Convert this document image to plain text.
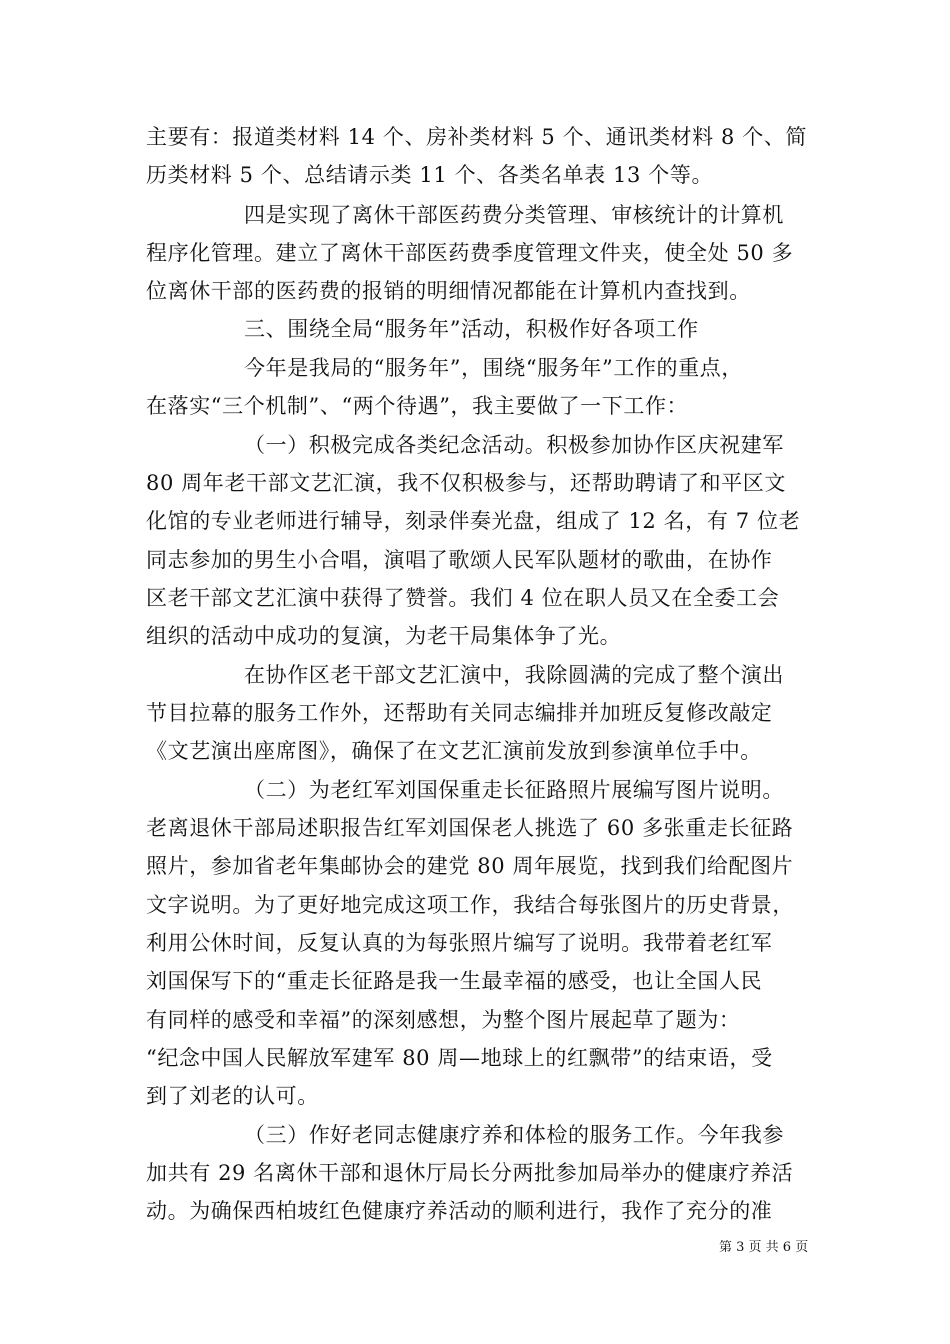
主要有：报道类材料 14 个、房补类材料 5 个、通讯类材料 8 个、简
历类材料 5 个、总结请示类 11 个、各类名单表 13 个等。
四是实现了离休干部医药费分类管理、审核统计的计算机
程序化管理。建立了离休干部医药费季度管理文件夹，使全处 50 多
位离休干部的医药费的报销的明细情况都能在计算机内查找到。
三、围绕全局“服务年”活动，积极作好各项工作
今年是我局的“服务年”，围绕“服务年”工作的重点，
在落实“三个机制”、“两个待遇”，我主要做了一下工作：
（一）积极完成各类纪念活动。积极参加协作区庆祝建军
80 周年老干部文艺汇演，我不仅积极参与，还帮助聘请了和平区文
化馆的专业老师进行辅导，刻录伴奏光盘，组成了 12 名，有 7 位老
同志参加的男生小合唱，演唱了歌颂人民军队题材的歌曲，在协作
区老干部文艺汇演中获得了赞誉。我们 4 位在职人员又在全委工会
组织的活动中成功的复演，为老干局集体争了光。
在协作区老干部文艺汇演中，我除圆满的完成了整个演出
节目拉幕的服务工作外，还帮助有关同志编排并加班反复修改敲定
《文艺演出座席图》，确保了在文艺汇演前发放到参演单位手中。
（二）为老红军刘国保重走长征路照片展编写图片说明。
老离退休干部局述职报告红军刘国保老人挑选了 60 多张重走长征路
照片，参加省老年集邮协会的建党 80 周年展览，找到我们给配图片
文字说明。为了更好地完成这项工作，我结合每张图片的历史背景，
利用公休时间，反复认真的为每张照片编写了说明。我带着老红军
刘国保写下的“重走长征路是我一生最幸福的感受，也让全国人民
有同样的感受和幸福”的深刻感想，为整个图片展起草了题为：
“纪念中国人民解放军建军 80 周—地球上的红飘带”的结束语，受
到了刘老的认可。
（三）作好老同志健康疗养和体检的服务工作。今年我参
加共有 29 名离休干部和退休厅局长分两批参加局举办的健康疗养活
动。为确保西柏坡红色健康疗养活动的顺利进行，我作了充分的准
第 3 页 共 6 页
